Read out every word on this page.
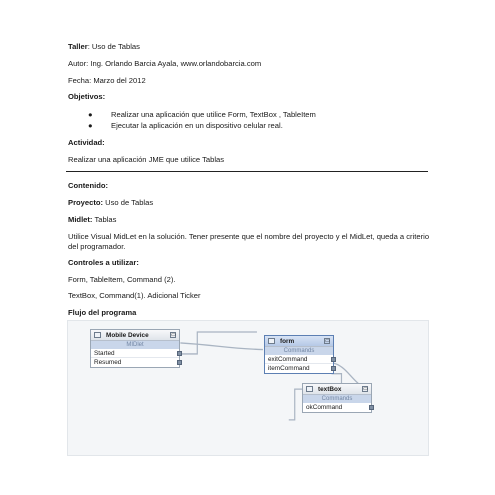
Taller: Uso de Tablas
Autor: Ing. Orlando Barcia Ayala, www.orlandobarcia.com
Fecha: Marzo del 2012
Objetivos:
● Realizar una aplicación que utilice Form, TextBox , TableItem
● Ejecutar la aplicación en un dispositivo celular real.
Actividad:
Realizar una aplicación JME que utilice Tablas
Contenido:
Proyecto: Uso de Tablas
Midlet: Tablas
Utilice Visual MidLet en la solución. Tener presente que el nombre del proyecto y el MidLet, queda a criterio del programador.
Controles a utilizar:
Form, TableItem, Command (2).
TextBox, Command(1). Adicional Ticker
Flujo del programa
Mobile Device	▭
MIDlet
Started
Resumed
form	▭
Commands
exitCommand
itemCommand
textBox	▭
Commands
okCommand
